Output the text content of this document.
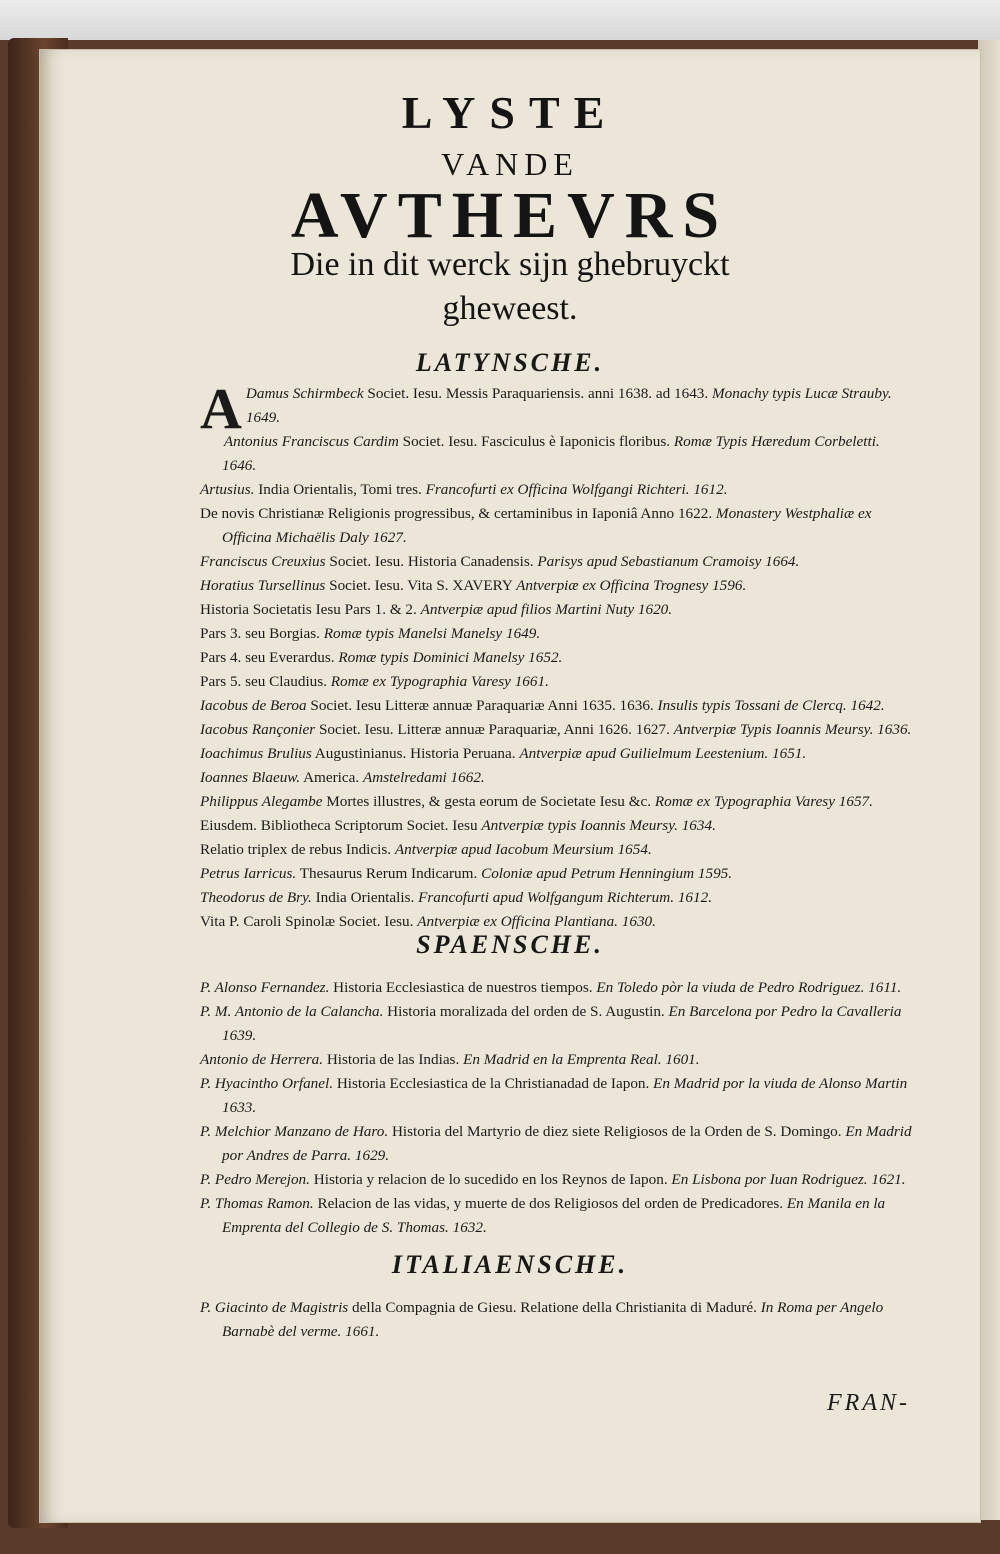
LYSTE
VANDE
AVTHEVRS
Die in dit werck sijn ghebruyckt
gheweest.
LATYNSCHE.

A Damus Schirmbeck Societ. Iesu. Messis Paraquariensis. anni 1638. ad 1643. Monachy typis Lucæ Strauby. 1649.

Antonius Franciscus Cardim Societ. Iesu. Fasciculus è Iaponicis floribus. Romæ Typis Hæredum Corbeletti. 1646.

Artusius. India Orientalis, Tomi tres. Francofurti ex Officina Wolfgangi Richteri. 1612.

De novis Christianæ Religionis progressibus, & certaminibus in Iaponiâ Anno 1622. Monastery Westphaliæ ex Officina Michaëlis Daly 1627.

Franciscus Creuxius Societ. Iesu. Historia Canadensis. Parisys apud Sebastianum Cramoisy 1664.

Horatius Tursellinus Societ. Iesu. Vita S. XAVERY Antverpiæ ex Officina Trognesy 1596.

Historia Societatis Iesu Pars 1. & 2. Antverpiæ apud filios Martini Nuty 1620.

Pars 3. seu Borgias. Romæ typis Manelsi Manelsy 1649.

Pars 4. seu Everardus. Romæ typis Dominici Manelsy 1652.

Pars 5. seu Claudius. Romæ ex Typographia Varesy 1661.

Iacobus de Beroa Societ. Iesu Litteræ annuæ Paraquariæ Anni 1635. 1636. Insulis typis Tossani de Clercq. 1642.

Iacobus Rançonier Societ. Iesu. Litteræ annuæ Paraquariæ, Anni 1626. 1627. Antverpiæ Typis Ioannis Meursy. 1636.

Ioachimus Brulius Augustinianus. Historia Peruana. Antverpiæ apud Guilielmum Leestenium. 1651.

Ioannes Blaeuw. America. Amstelredami 1662.

Philippus Alegambe Mortes illustres, & gesta eorum de Societate Iesu &c. Romæ ex Typographia Varesy 1657.

Eiusdem. Bibliotheca Scriptorum Societ. Iesu Antverpiæ typis Ioannis Meursy. 1634.

Relatio triplex de rebus Indicis. Antverpiæ apud Iacobum Meursium 1654.

Petrus Iarricus. Thesaurus Rerum Indicarum. Coloniæ apud Petrum Henningium 1595.

Theodorus de Bry. India Orientalis. Francofurti apud Wolfgangum Richterum. 1612.

Vita P. Caroli Spinolæ Societ. Iesu. Antverpiæ ex Officina Plantiana. 1630.

SPAENSCHE.

P. Alonso Fernandez. Historia Ecclesiastica de nuestros tiempos. En Toledo pòr la viuda de Pedro Rodriguez. 1611.

P. M. Antonio de la Calancha. Historia moralizada del orden de S. Augustin. En Barcelona por Pedro la Cavalleria 1639.

Antonio de Herrera. Historia de las Indias. En Madrid en la Emprenta Real. 1601.

P. Hyacintho Orfanel. Historia Ecclesiastica de la Christianadad de Iapon. En Madrid por la viuda de Alonso Martin 1633.

P. Melchior Manzano de Haro. Historia del Martyrio de diez siete Religiosos de la Orden de S. Domingo. En Madrid por Andres de Parra. 1629.

P. Pedro Merejon. Historia y relacion de lo sucedido en los Reynos de Iapon. En Lisbona por Iuan Rodriguez. 1621.

P. Thomas Ramon. Relacion de las vidas, y muerte de dos Religiosos del orden de Predicadores. En Manila en la Emprenta del Collegio de S. Thomas. 1632.

ITALIAENSCHE.

P. Giacinto de Magistris della Compagnia de Giesu. Relatione della Christianita di Maduré. In Roma per Angelo Barnabè del verme. 1661.

FRAN-
